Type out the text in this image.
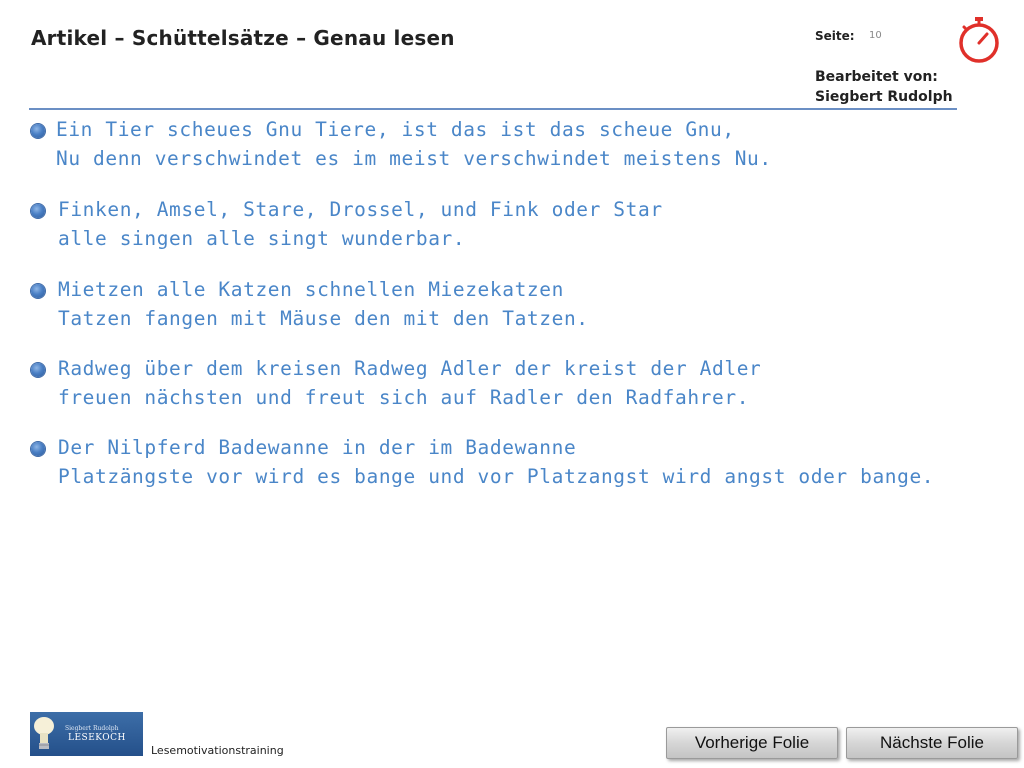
Artikel – Schüttelsätze – Genau lesen	Seite: 10
Bearbeitet von:
Siegbert Rudolph
Ein Tier scheues Gnu Tiere, ist das ist das scheue Gnu,
Nu denn verschwindet es im meist verschwindet meistens Nu.
Finken, Amsel, Stare, Drossel, und Fink oder Star
alle singen alle singt wunderbar.
Mietzen alle Katzen schnellen Miezekatzen
Tatzen fangen mit Mäuse den mit den Tatzen.
Radweg über dem kreisen Radweg Adler der kreist der Adler
freuen nächsten und freut sich auf Radler den Radfahrer.
Der Nilpferd Badewanne in der im Badewanne
Platzängste vor wird es bange und vor Platzangst wird angst oder bange.
Siegbert Rudolph
LESEKOCH
Lesemotivationstraining	Vorherige Folie	Nächste Folie
